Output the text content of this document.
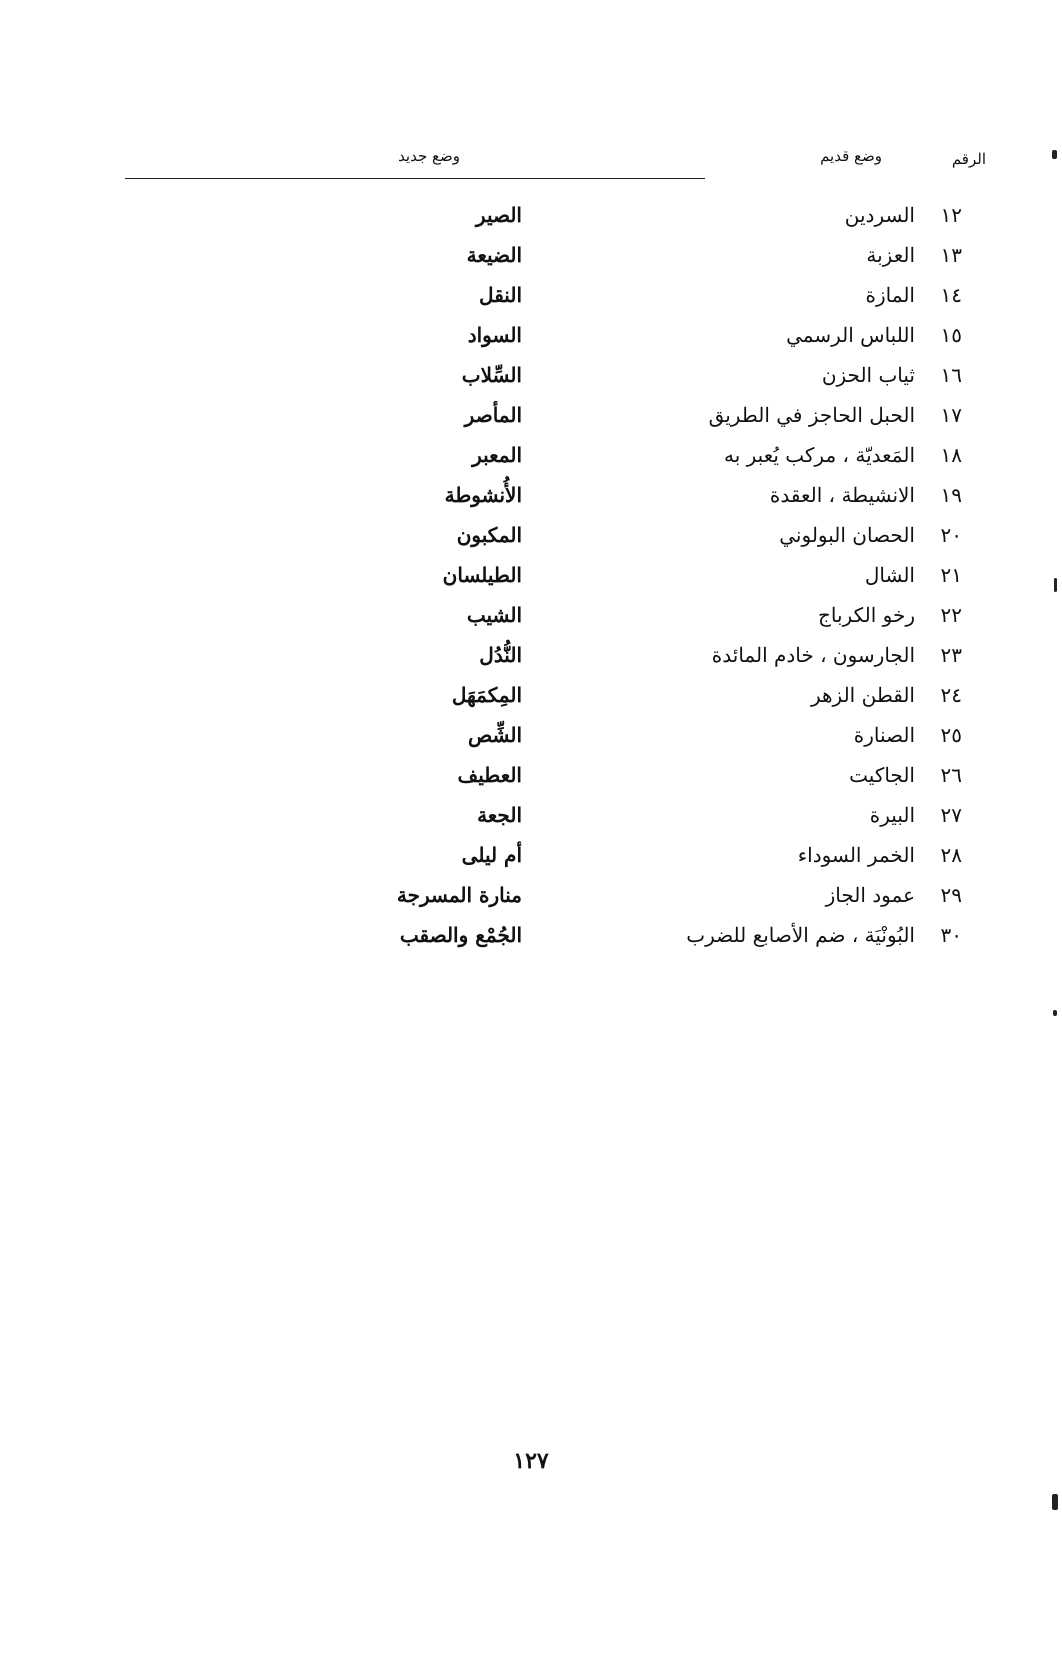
الرقم
وضع قديم
وضع جديد
١٢
السردين
الصير
١٣
العزبة
الضيعة
١٤
المازة
النقل
١٥
اللباس الرسمي
السواد
١٦
ثياب الحزن
السِّلاب
١٧
الحبل الحاجز في الطريق
المأصر
١٨
المَعديّة ، مركب يُعبر به
المعبر
١٩
الانشيطة ، العقدة
الأُنشوطة
٢٠
الحصان البولوني
المكبون
٢١
الشال
الطيلسان
٢٢
رخو الكرباج
الشيب
٢٣
الجارسون ، خادم المائدة
النُّدُل
٢٤
القطن الزهر
المِكمَهَل
٢٥
الصنارة
الشِّص
٢٦
الجاكيت
العطيف
٢٧
البيرة
الجعة
٢٨
الخمر السوداء
أم ليلى
٢٩
عمود الجاز
منارة المسرجة
٣٠
البُونْيَة ، ضم الأصابع للضرب
الجُمْع والصقب
١٢٧
